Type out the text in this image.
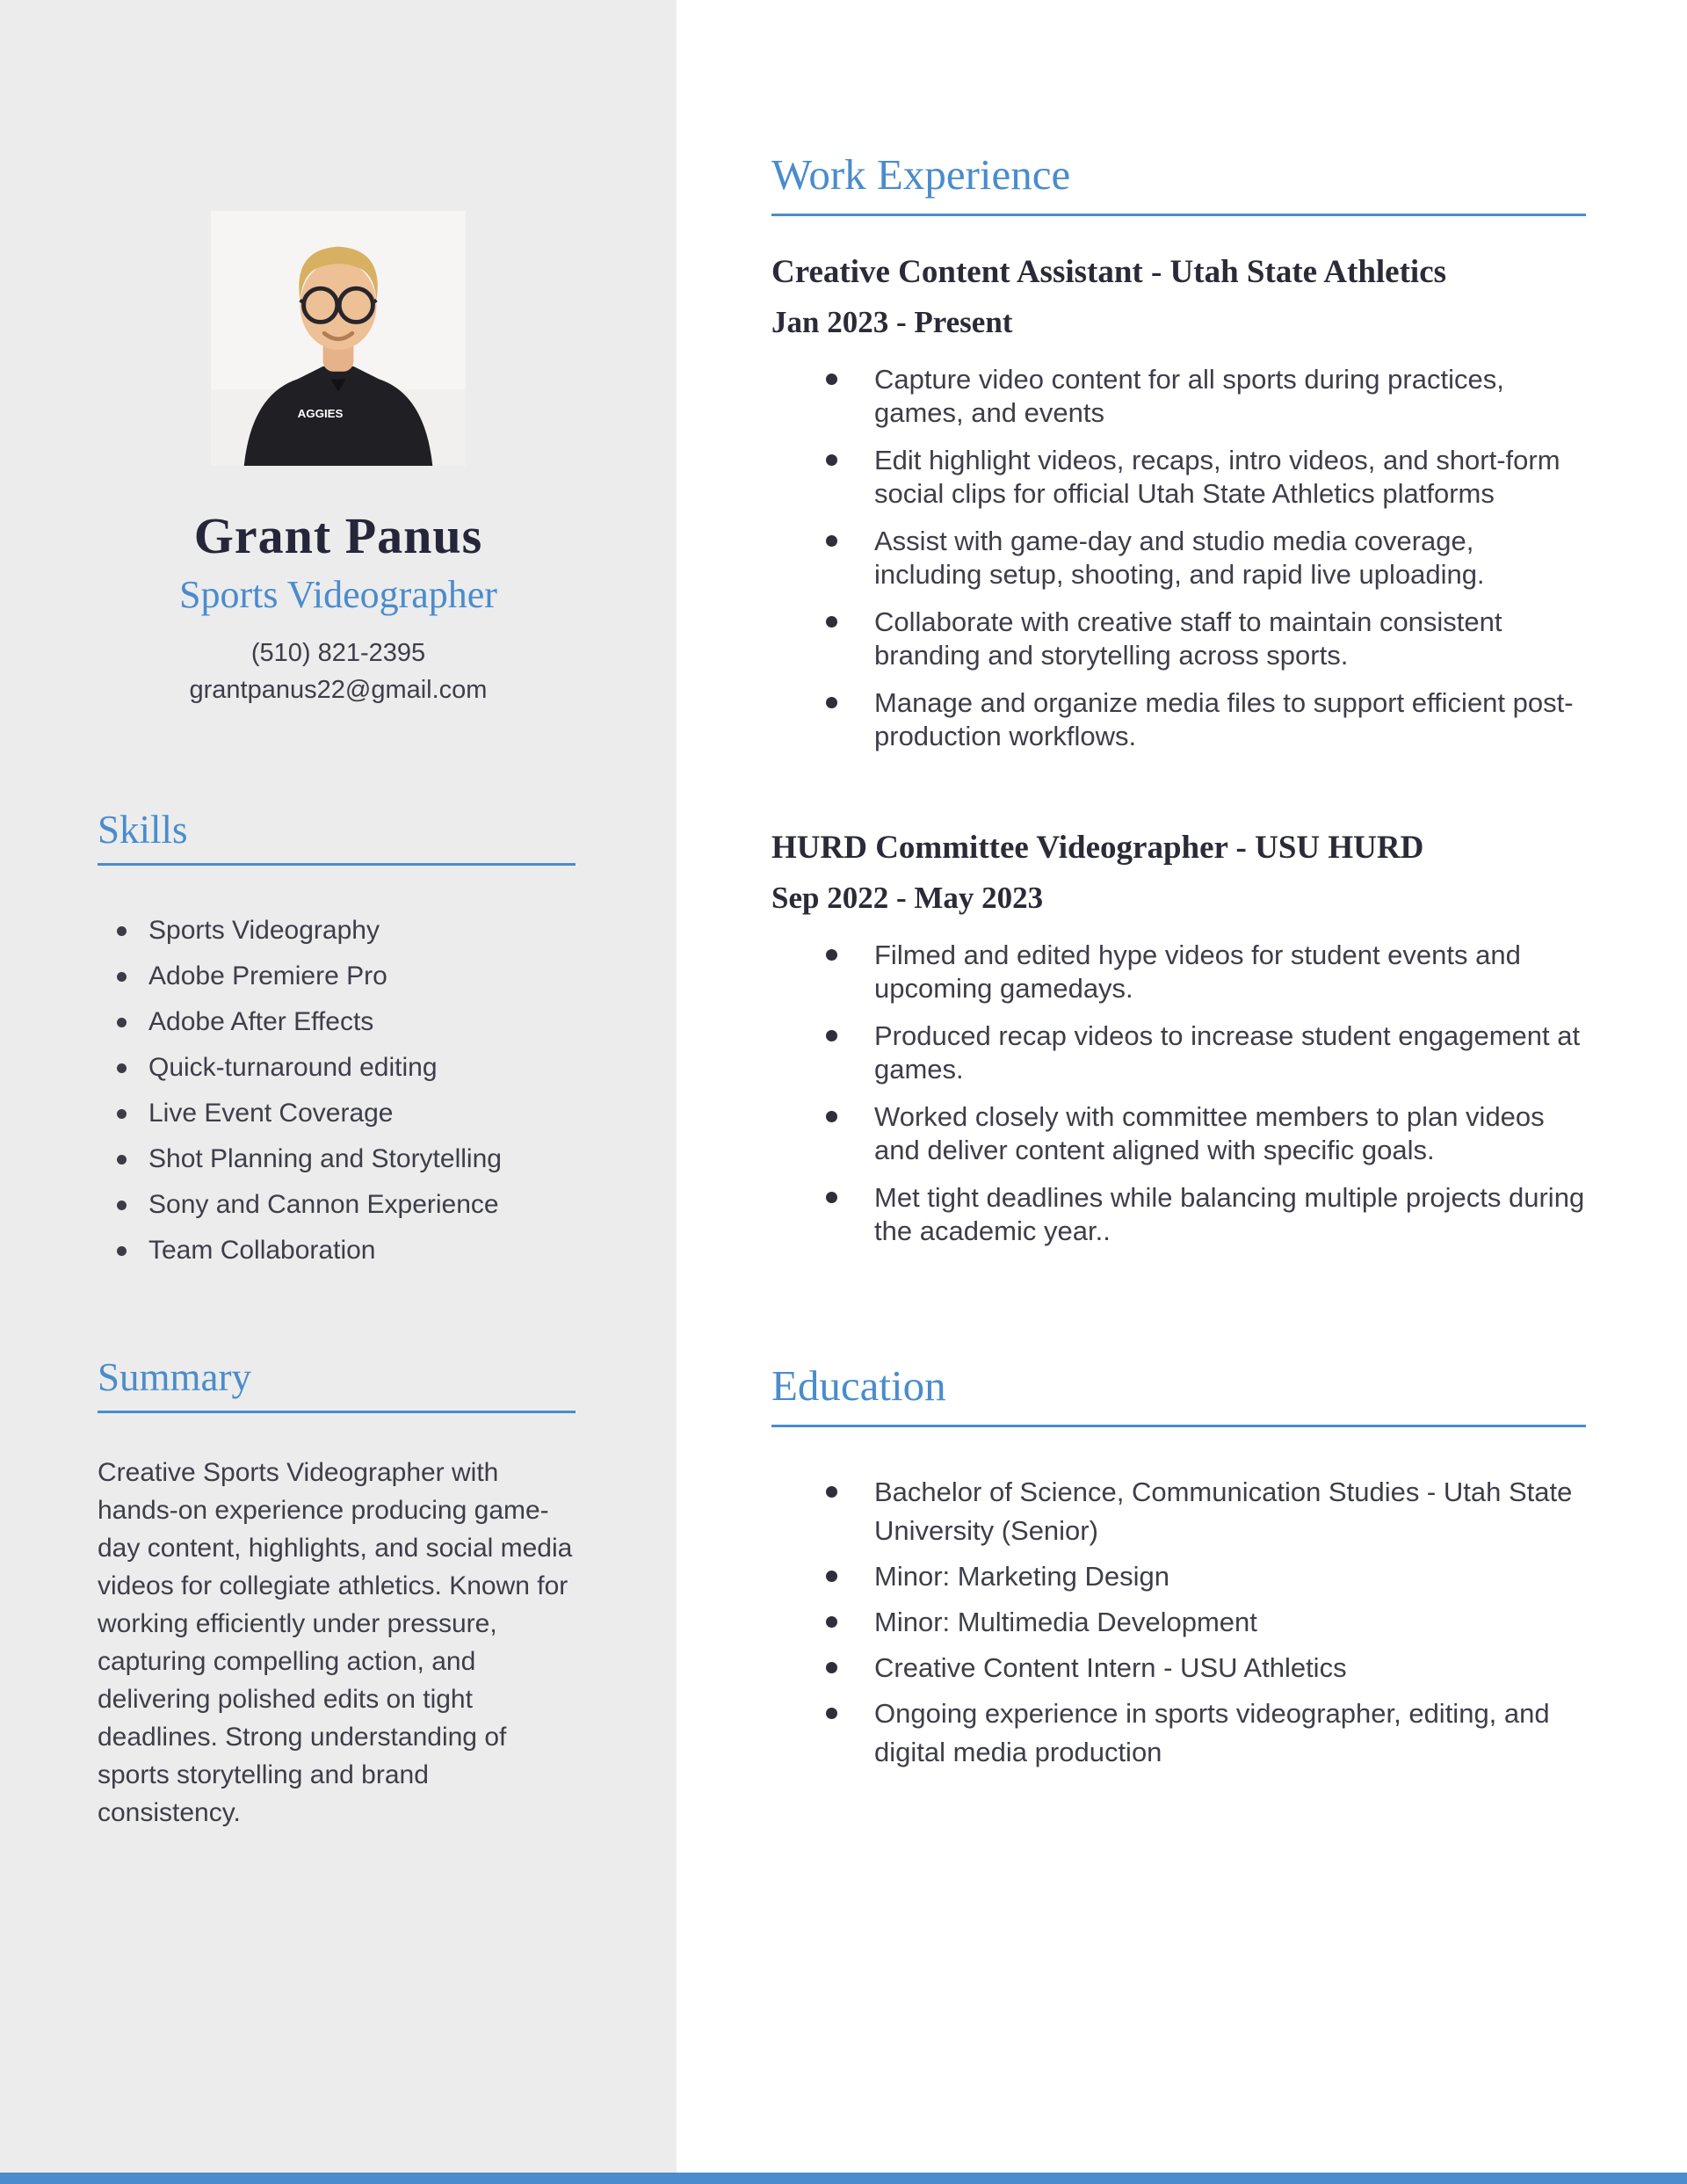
AGGIES
Grant Panus
Sports Videographer
(510) 821-2395
grantpanus22@gmail.com
Skills
Sports Videography
Adobe Premiere Pro
Adobe After Effects
Quick-turnaround editing
Live Event Coverage
Shot Planning and Storytelling
Sony and Cannon Experience
Team Collaboration
Summary

Creative Sports Videographer with hands-on experience producing game-day content, highlights, and social media videos for collegiate athletics. Known for working efficiently under pressure, capturing compelling action, and delivering polished edits on tight deadlines. Strong understanding of sports storytelling and brand consistency.

Work Experience
Creative Content Assistant - Utah State Athletics
Jan 2023 - Present
Capture video content for all sports during practices, games, and events
Edit highlight videos, recaps, intro videos, and short-form social clips for official Utah State Athletics platforms
Assist with game-day and studio media coverage, including setup, shooting, and rapid live uploading.
Collaborate with creative staff to maintain consistent branding and storytelling across sports.
Manage and organize media files to support efficient post-production workflows.
HURD Committee Videographer - USU HURD
Sep 2022 - May 2023
Filmed and edited hype videos for student events and upcoming gamedays.
Produced recap videos to increase student engagement at games.
Worked closely with committee members to plan videos and deliver content aligned with specific goals.
Met tight deadlines while balancing multiple projects during the academic year..
Education
Bachelor of Science, Communication Studies - Utah State University (Senior)
Minor: Marketing Design
Minor: Multimedia Development
Creative Content Intern - USU Athletics
Ongoing experience in sports videographer, editing, and digital media production
